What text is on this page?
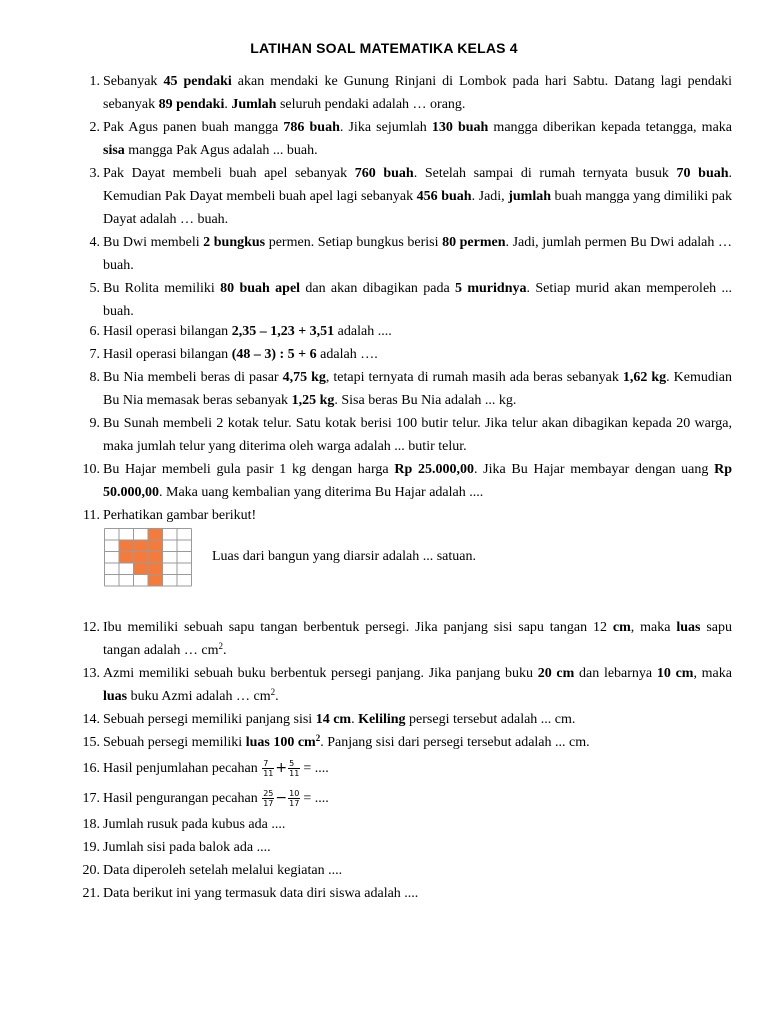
LATIHAN SOAL MATEMATIKA KELAS 4
1. Sebanyak 45 pendaki akan mendaki ke Gunung Rinjani di Lombok pada hari Sabtu. Datang lagi pendaki sebanyak 89 pendaki. Jumlah seluruh pendaki adalah … orang.
2. Pak Agus panen buah mangga 786 buah. Jika sejumlah 130 buah mangga diberikan kepada tetangga, maka sisa mangga Pak Agus adalah ... buah.
3. Pak Dayat membeli buah apel sebanyak 760 buah. Setelah sampai di rumah ternyata busuk 70 buah. Kemudian Pak Dayat membeli buah apel lagi sebanyak 456 buah. Jadi, jumlah buah mangga yang dimiliki pak Dayat adalah … buah.
4. Bu Dwi membeli 2 bungkus permen. Setiap bungkus berisi 80 permen. Jadi, jumlah permen Bu Dwi adalah … buah.
5. Bu Rolita memiliki 80 buah apel dan akan dibagikan pada 5 muridnya. Setiap murid akan memperoleh ... buah.
6. Hasil operasi bilangan 2,35 – 1,23 + 3,51 adalah ....
7. Hasil operasi bilangan (48 – 3) : 5 + 6 adalah ….
8. Bu Nia membeli beras di pasar 4,75 kg, tetapi ternyata di rumah masih ada beras sebanyak 1,62 kg. Kemudian Bu Nia memasak beras sebanyak 1,25 kg. Sisa beras Bu Nia adalah ... kg.
9. Bu Sunah membeli 2 kotak telur. Satu kotak berisi 100 butir telur. Jika telur akan dibagikan kepada 20 warga, maka jumlah telur yang diterima oleh warga adalah ... butir telur.
10. Bu Hajar membeli gula pasir 1 kg dengan harga Rp 25.000,00. Jika Bu Hajar membayar dengan uang Rp 50.000,00. Maka uang kembalian yang diterima Bu Hajar adalah ....
11. Perhatikan gambar berikut!
12. Ibu memiliki sebuah sapu tangan berbentuk persegi. Jika panjang sisi sapu tangan 12 cm, maka luas sapu tangan adalah … $cm^2$.
13. Azmi memiliki sebuah buku berbentuk persegi panjang. Jika panjang buku 20 cm dan lebarnya 10 cm, maka luas buku Azmi adalah … $cm^2$.
14. Sebuah persegi memiliki panjang sisi 14 cm. Keliling persegi tersebut adalah ... cm.
15. Sebuah persegi memiliki luas 100 $cm^2$. Panjang sisi dari persegi tersebut adalah ... cm.
16. Hasil penjumlahan pecahan $\frac{7}{11} + \frac{5}{11}$ = ....
17. Hasil pengurangan pecahan $\frac{25}{17} - \frac{10}{17}$ = ....
18. Jumlah rusuk pada kubus ada ....
19. Jumlah sisi pada balok ada ....
20. Data diperoleh setelah melalui kegiatan ....
21. Data berikut ini yang termasuk data diri siswa adalah ....
Luas dari bangun yang diarsir adalah ... satuan.
